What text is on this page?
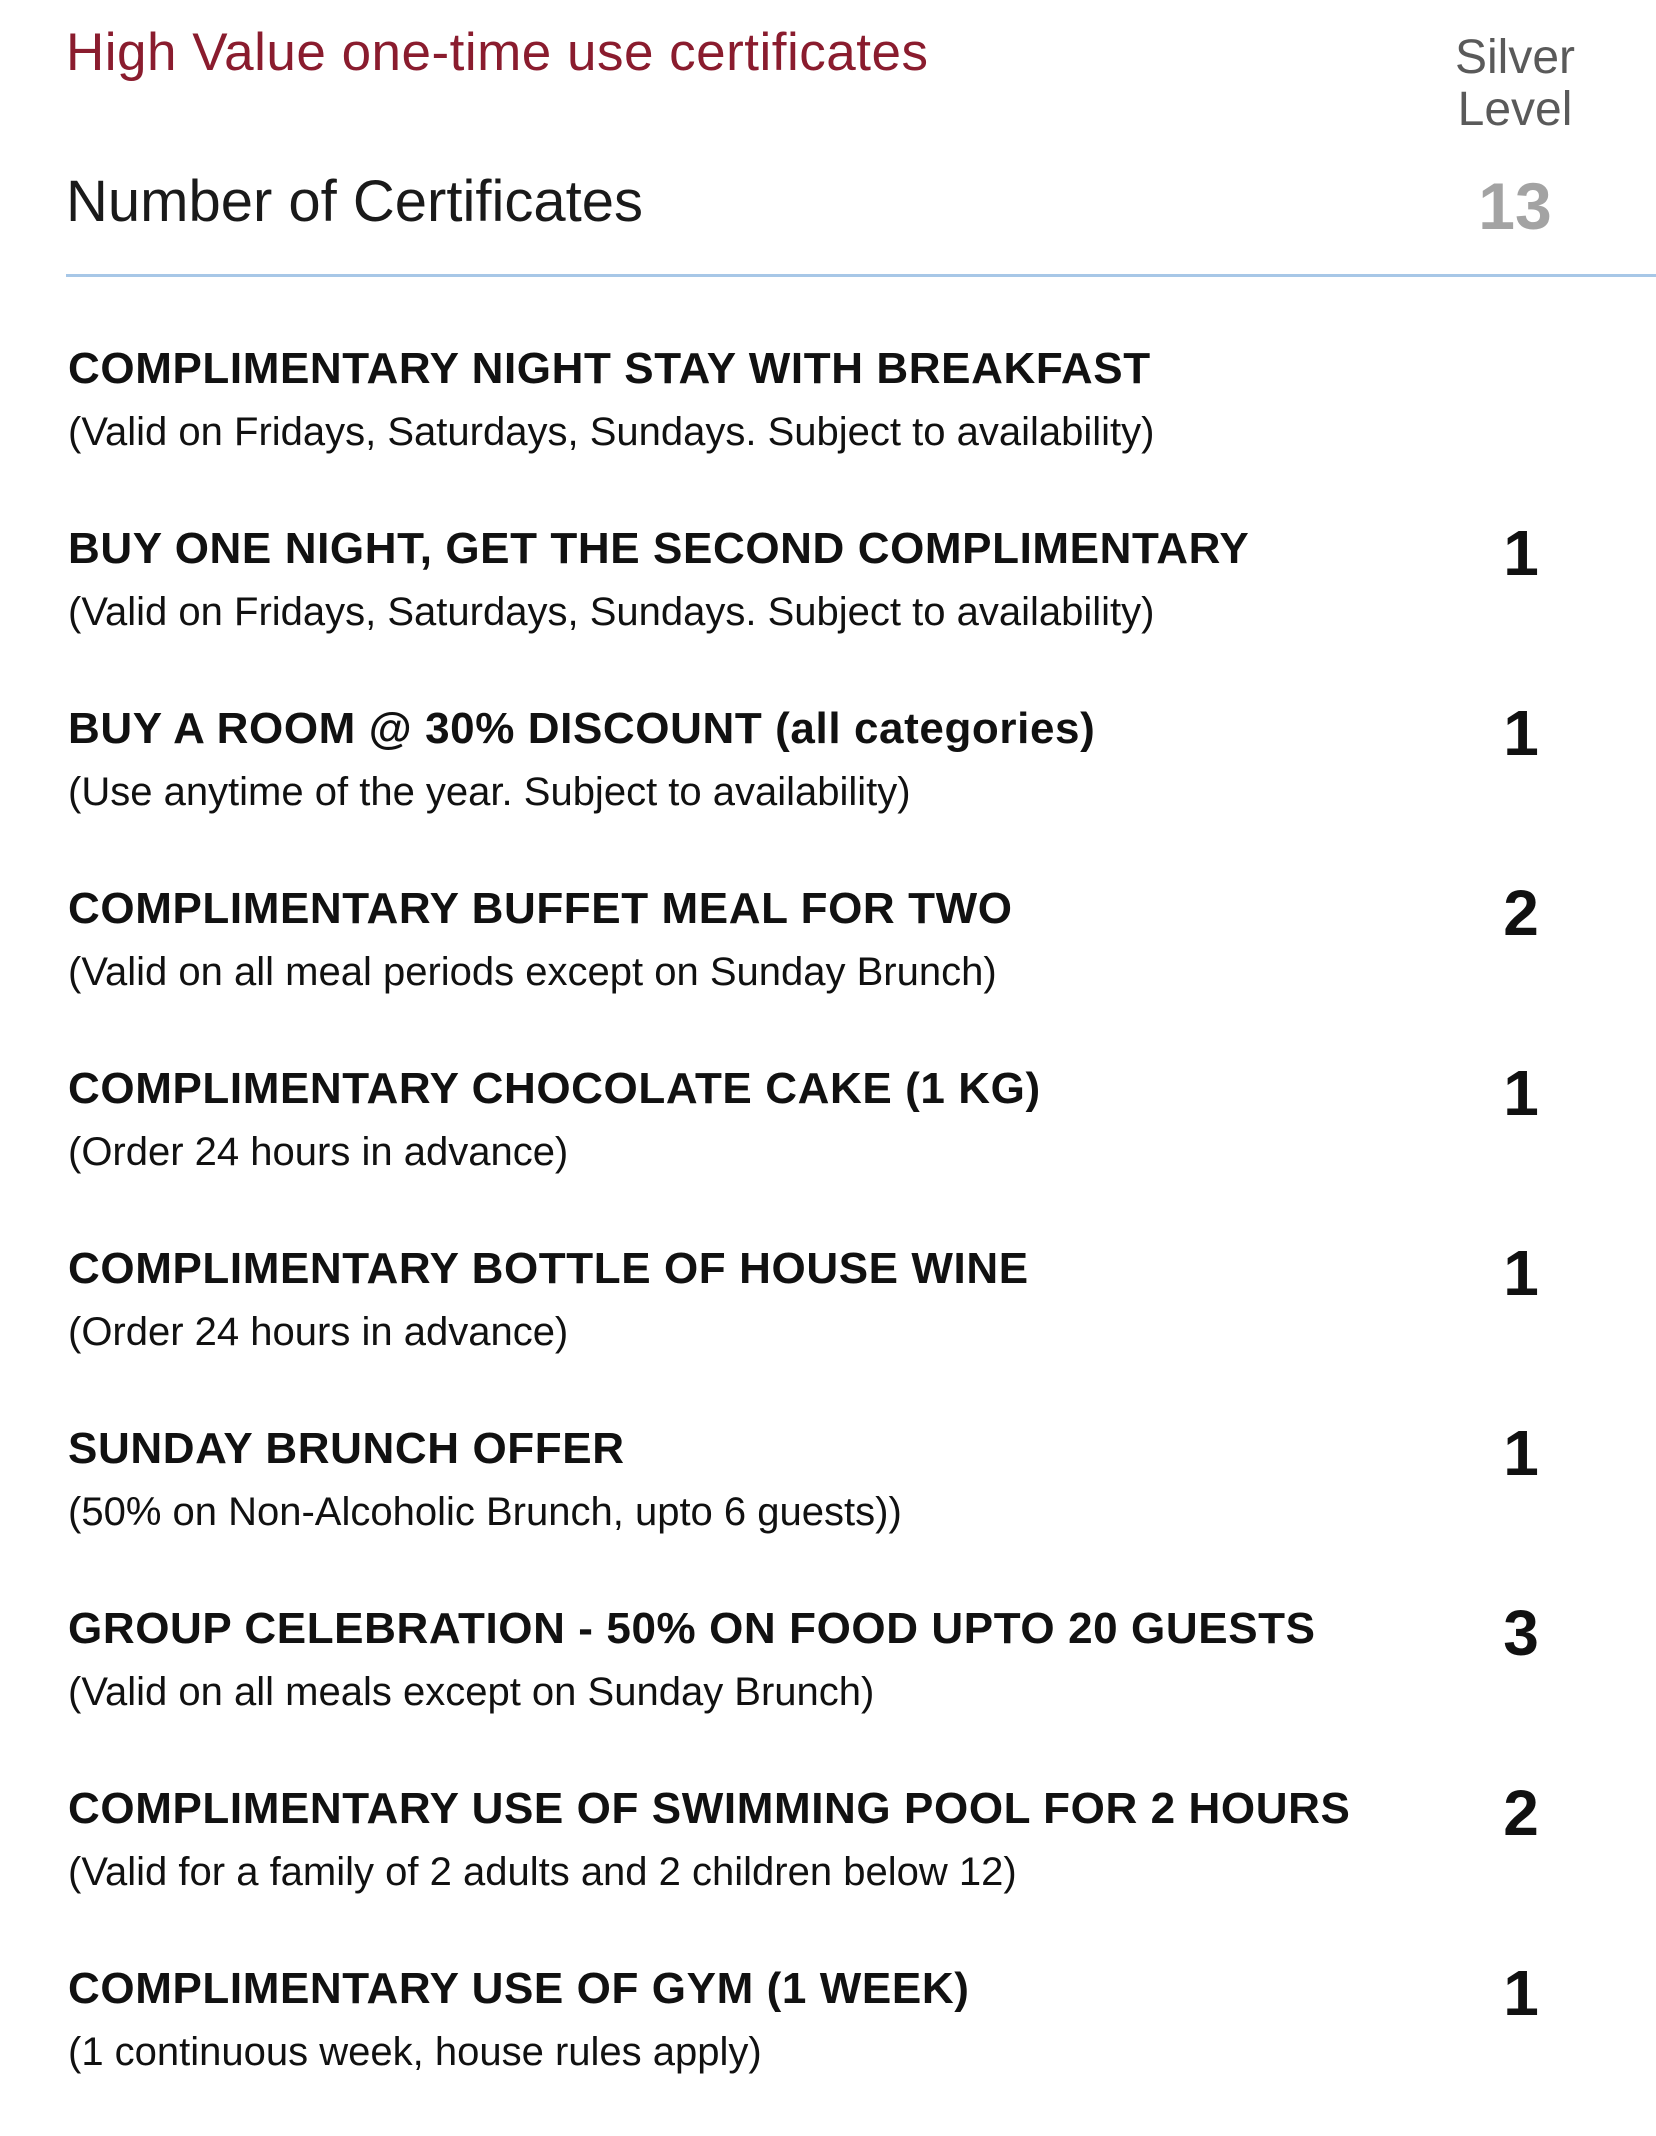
High Value one-time use certificates	Silver
Level
Number of Certificates	13
COMPLIMENTARY NIGHT STAY WITH BREAKFAST
(Valid on Fridays, Saturdays, Sundays. Subject to availability)
BUY ONE NIGHT, GET THE SECOND COMPLIMENTARY
(Valid on Fridays, Saturdays, Sundays. Subject to availability)
1
BUY A ROOM @ 30% DISCOUNT (all categories)
(Use anytime of the year. Subject to availability)
1
COMPLIMENTARY BUFFET MEAL FOR TWO
(Valid on all meal periods except on Sunday Brunch)
2
COMPLIMENTARY CHOCOLATE CAKE (1 KG)
(Order 24 hours in advance)
1
COMPLIMENTARY BOTTLE OF HOUSE WINE
(Order 24 hours in advance)
1
SUNDAY BRUNCH OFFER
(50% on Non-Alcoholic Brunch, upto 6 guests))
1
GROUP CELEBRATION - 50% ON FOOD UPTO 20 GUESTS
(Valid on all meals except on Sunday Brunch)
3
COMPLIMENTARY USE OF SWIMMING POOL FOR 2 HOURS
(Valid for a family of 2 adults and 2 children below 12)
2
COMPLIMENTARY USE OF GYM (1 WEEK)
(1 continuous week, house rules apply)
1
